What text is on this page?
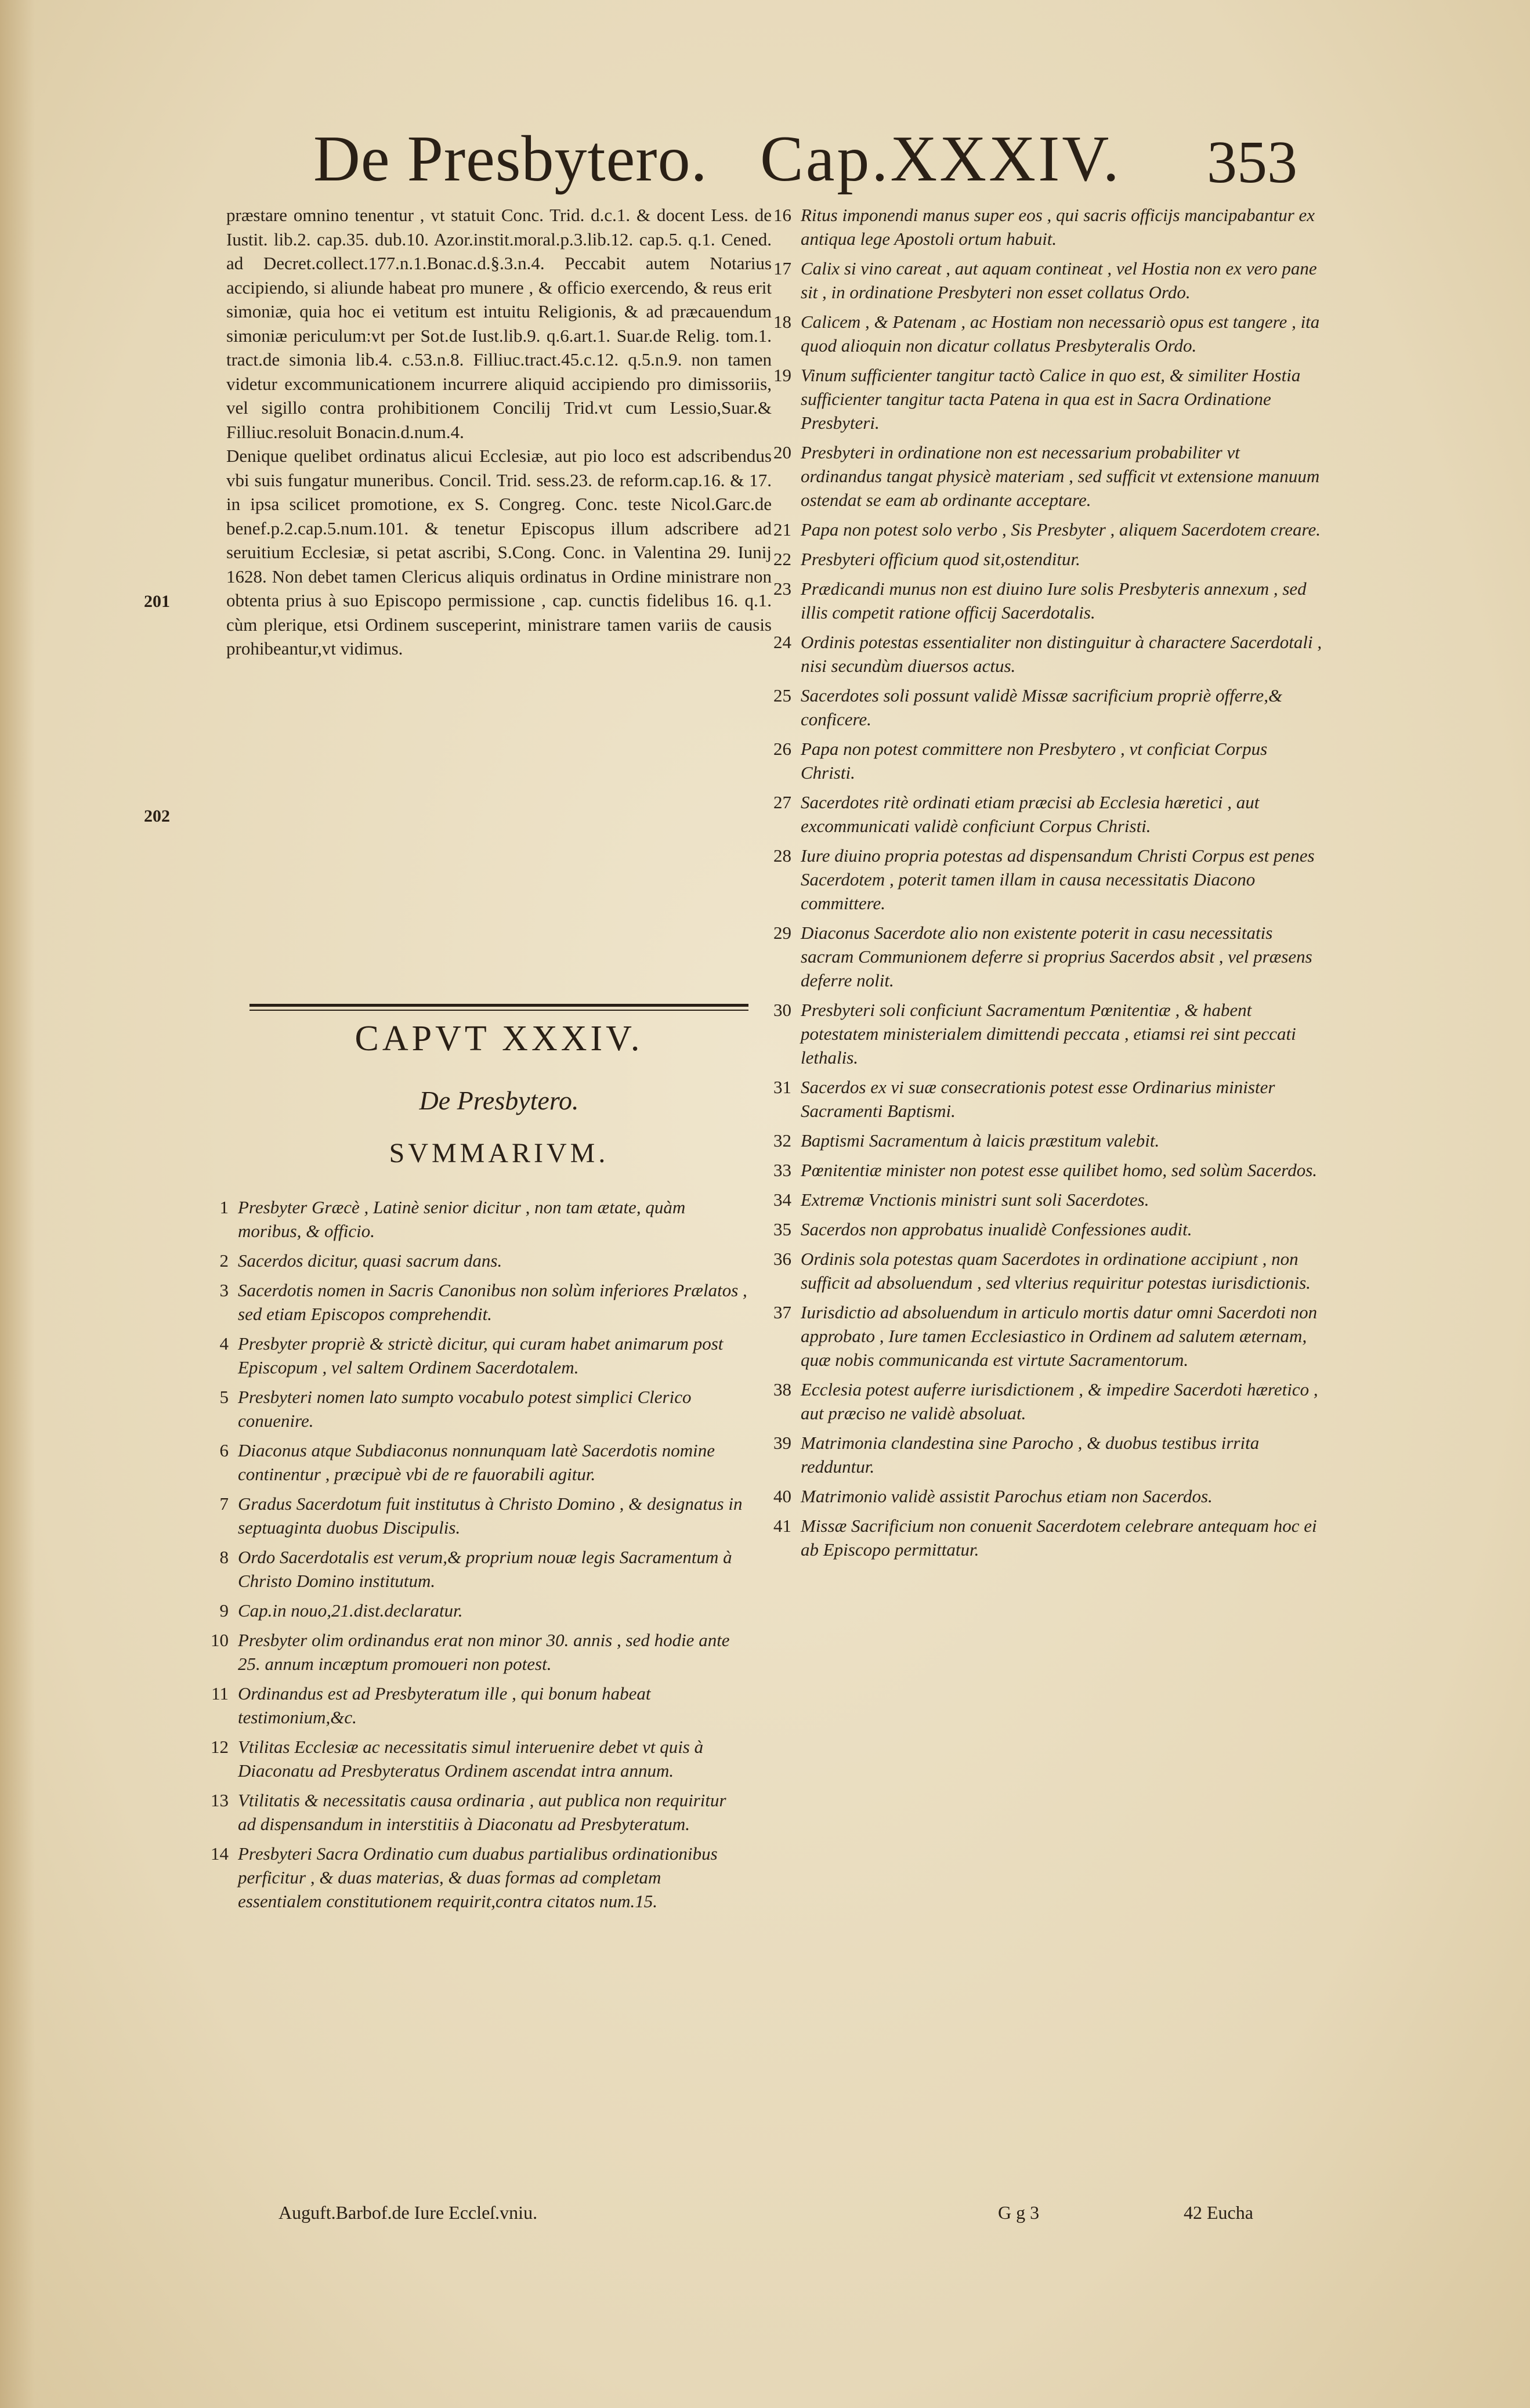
De Presbytero. Cap.XXXIV. 353

præstare omnino tenentur , vt statuit Conc. Trid. d.c.1. & docent Less. de Iustit. lib.2. cap.35. dub.10. Azor.instit.moral.p.3.lib.12. cap.5. q.1. Cened. ad Decret.collect.177.n.1.Bonac.d.§.3.n.4. Peccabit autem Notarius accipiendo, si aliunde habeat pro munere , & officio exercendo, & reus erit simoniæ, quia hoc ei vetitum est intuitu Religionis, & ad præcauendum simoniæ periculum:vt per Sot.de Iust.lib.9. q.6.art.1. Suar.de Relig. tom.1. tract.de simonia lib.4. c.53.n.8. Filliuc.tract.45.c.12. q.5.n.9. non tamen videtur excommunicationem incurrere aliquid accipiendo pro dimissoriis, vel sigillo contra prohibitionem Concilij Trid.vt cum Lessio,Suar.& Filliuc.resoluit Bonacin.d.num.4.

Denique quelibet ordinatus alicui Ecclesiæ, aut pio loco est adscribendus vbi suis fungatur muneribus. Concil. Trid. sess.23. de reform.cap.16. & 17. in ipsa scilicet promotione, ex S. Congreg. Conc. teste Nicol.Garc.de benef.p.2.cap.5.num.101. & tenetur Episcopus illum adscribere ad seruitium Ecclesiæ, si petat ascribi, S.Cong. Conc. in Valentina 29. Iunij 1628. Non debet tamen Clericus aliquis ordinatus in Ordine ministrare non obtenta prius à suo Episcopo permissione , cap. cunctis fidelibus 16. q.1. cùm plerique, etsi Ordinem susceperint, ministrare tamen variis de causis prohibeantur,vt vidimus.

201
202
CAPVT XXXIV.
De Presbytero.
SVMMARIVM.
1 Presbyter Græcè , Latinè senior dicitur , non tam ætate, quàm moribus, & officio.
2 Sacerdos dicitur, quasi sacrum dans.
3 Sacerdotis nomen in Sacris Canonibus non solùm inferiores Prælatos , sed etiam Episcopos comprehendit.
4 Presbyter propriè & strictè dicitur, qui curam habet animarum post Episcopum , vel saltem Ordinem Sacerdotalem.
5 Presbyteri nomen lato sumpto vocabulo potest simplici Clerico conuenire.
6 Diaconus atque Subdiaconus nonnunquam latè Sacerdotis nomine continentur , præcipuè vbi de re fauorabili agitur.
7 Gradus Sacerdotum fuit institutus à Christo Domino , & designatus in septuaginta duobus Discipulis.
8 Ordo Sacerdotalis est verum,& proprium nouæ legis Sacramentum à Christo Domino institutum.
9 Cap.in nouo,21.dist.declaratur.
10 Presbyter olim ordinandus erat non minor 30. annis , sed hodie ante 25. annum incæptum promoueri non potest.
11 Ordinandus est ad Presbyteratum ille , qui bonum habeat testimonium,&c.
12 Vtilitas Ecclesiæ ac necessitatis simul interuenire debet vt quis à Diaconatu ad Presbyteratus Ordinem ascendat intra annum.
13 Vtilitatis & necessitatis causa ordinaria , aut publica non requiritur ad dispensandum in interstitiis à Diaconatu ad Presbyteratum.
14 Presbyteri Sacra Ordinatio cum duabus partialibus ordinationibus perficitur , & duas materias, & duas formas ad completam essentialem constitutionem requirit,contra citatos num.15.
16 Ritus imponendi manus super eos , qui sacris officijs mancipabantur ex antiqua lege Apostoli ortum habuit.
17 Calix si vino careat , aut aquam contineat , vel Hostia non ex vero pane sit , in ordinatione Presbyteri non esset collatus Ordo.
18 Calicem , & Patenam , ac Hostiam non necessariò opus est tangere , ita quod alioquin non dicatur collatus Presbyteralis Ordo.
19 Vinum sufficienter tangitur tactò Calice in quo est, & similiter Hostia sufficienter tangitur tacta Patena in qua est in Sacra Ordinatione Presbyteri.
20 Presbyteri in ordinatione non est necessarium probabiliter vt ordinandus tangat physicè materiam , sed sufficit vt extensione manuum ostendat se eam ab ordinante acceptare.
21 Papa non potest solo verbo , Sis Presbyter , aliquem Sacerdotem creare.
22 Presbyteri officium quod sit,ostenditur.
23 Prædicandi munus non est diuino Iure solis Presbyteris annexum , sed illis competit ratione officij Sacerdotalis.
24 Ordinis potestas essentialiter non distinguitur à charactere Sacerdotali , nisi secundùm diuersos actus.
25 Sacerdotes soli possunt validè Missæ sacrificium propriè offerre,& conficere.
26 Papa non potest committere non Presbytero , vt conficiat Corpus Christi.
27 Sacerdotes ritè ordinati etiam præcisi ab Ecclesia hæretici , aut excommunicati validè conficiunt Corpus Christi.
28 Iure diuino propria potestas ad dispensandum Christi Corpus est penes Sacerdotem , poterit tamen illam in causa necessitatis Diacono committere.
29 Diaconus Sacerdote alio non existente poterit in casu necessitatis sacram Communionem deferre si proprius Sacerdos absit , vel præsens deferre nolit.
30 Presbyteri soli conficiunt Sacramentum Pœnitentiæ , & habent potestatem ministerialem dimittendi peccata , etiamsi rei sint peccati lethalis.
31 Sacerdos ex vi suæ consecrationis potest esse Ordinarius minister Sacramenti Baptismi.
32 Baptismi Sacramentum à laicis præstitum valebit.
33 Pœnitentiæ minister non potest esse quilibet homo, sed solùm Sacerdos.
34 Extremæ Vnctionis ministri sunt soli Sacerdotes.
35 Sacerdos non approbatus inualidè Confessiones audit.
36 Ordinis sola potestas quam Sacerdotes in ordinatione accipiunt , non sufficit ad absoluendum , sed vlterius requiritur potestas iurisdictionis.
37 Iurisdictio ad absoluendum in articulo mortis datur omni Sacerdoti non approbato , Iure tamen Ecclesiastico in Ordinem ad salutem æternam, quæ nobis communicanda est virtute Sacramentorum.
38 Ecclesia potest auferre iurisdictionem , & impedire Sacerdoti hæretico , aut præciso ne validè absoluat.
39 Matrimonia clandestina sine Parocho , & duobus testibus irrita redduntur.
40 Matrimonio validè assistit Parochus etiam non Sacerdos.
41 Missæ Sacrificium non conuenit Sacerdotem celebrare antequam hoc ei ab Episcopo permittatur.
Auguft.Barbof.de Iure Eccleſ.vniu.	G g 3	42 Eucha
